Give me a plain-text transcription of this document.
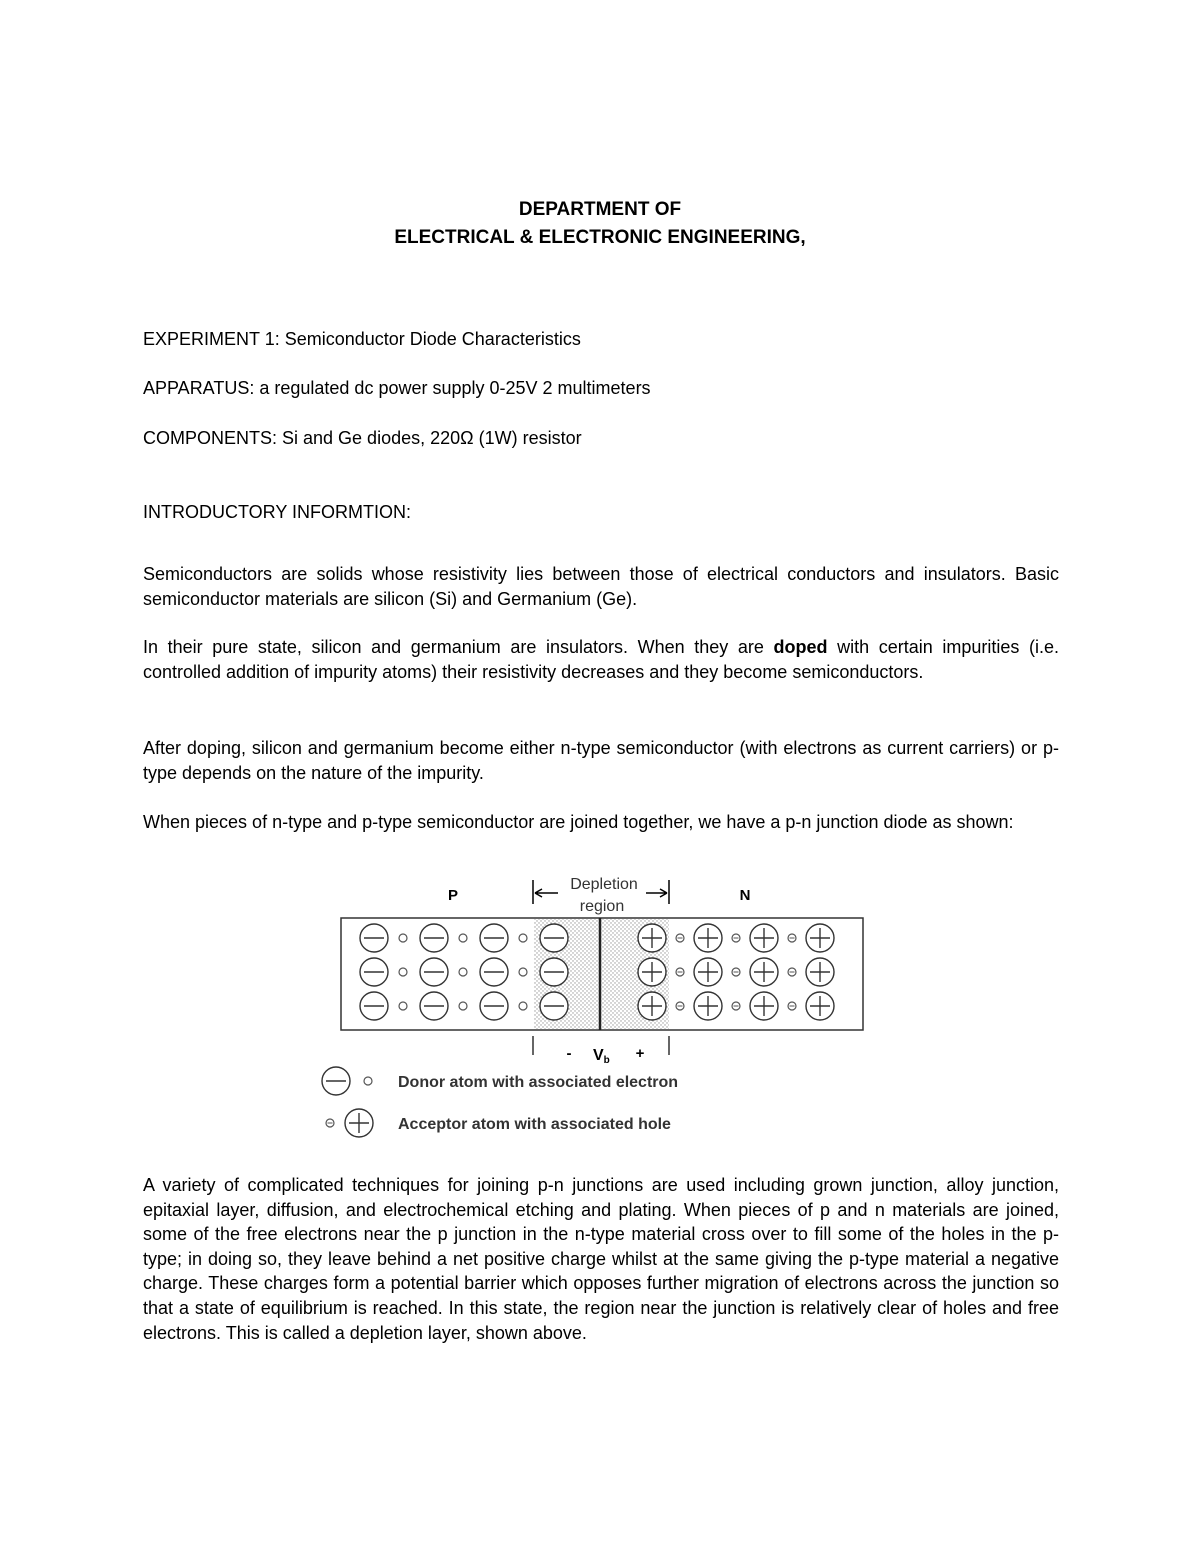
DEPARTMENT OF
ELECTRICAL & ELECTRONIC ENGINEERING,
EXPERIMENT 1: Semiconductor Diode Characteristics
APPARATUS: a regulated dc power supply 0-25V 2 multimeters
COMPONENTS: Si and Ge diodes, 220Ω (1W) resistor
INTRODUCTORY INFORMTION:
Semiconductors are solids whose resistivity lies between those of electrical conductors and insulators. Basic semiconductor materials are silicon (Si) and Germanium (Ge).
In their pure state, silicon and germanium are insulators. When they are doped with certain impurities (i.e. controlled addition of impurity atoms) their resistivity decreases and they become semiconductors.
After doping, silicon and germanium become either n-type semiconductor (with electrons as current carriers) or p-type depends on the nature of the impurity.
When pieces of n-type and p-type semiconductor are joined together, we have a p-n junction diode as shown:
P	N
Depletion
region
- Vb +
Donor atom with associated electron
Acceptor atom with associated hole
A variety of complicated techniques for joining p-n junctions are used including grown junction, alloy junction, epitaxial layer, diffusion, and electrochemical etching and plating. When pieces of p and n materials are joined, some of the free electrons near the p junction in the n-type material cross over to fill some of the holes in the p-type; in doing so, they leave behind a net positive charge whilst at the same giving the p-type material a negative charge. These charges form a potential barrier which opposes further migration of electrons across the junction so that a state of equilibrium is reached. In this state, the region near the junction is relatively clear of holes and free electrons. This is called a depletion layer, shown above.
